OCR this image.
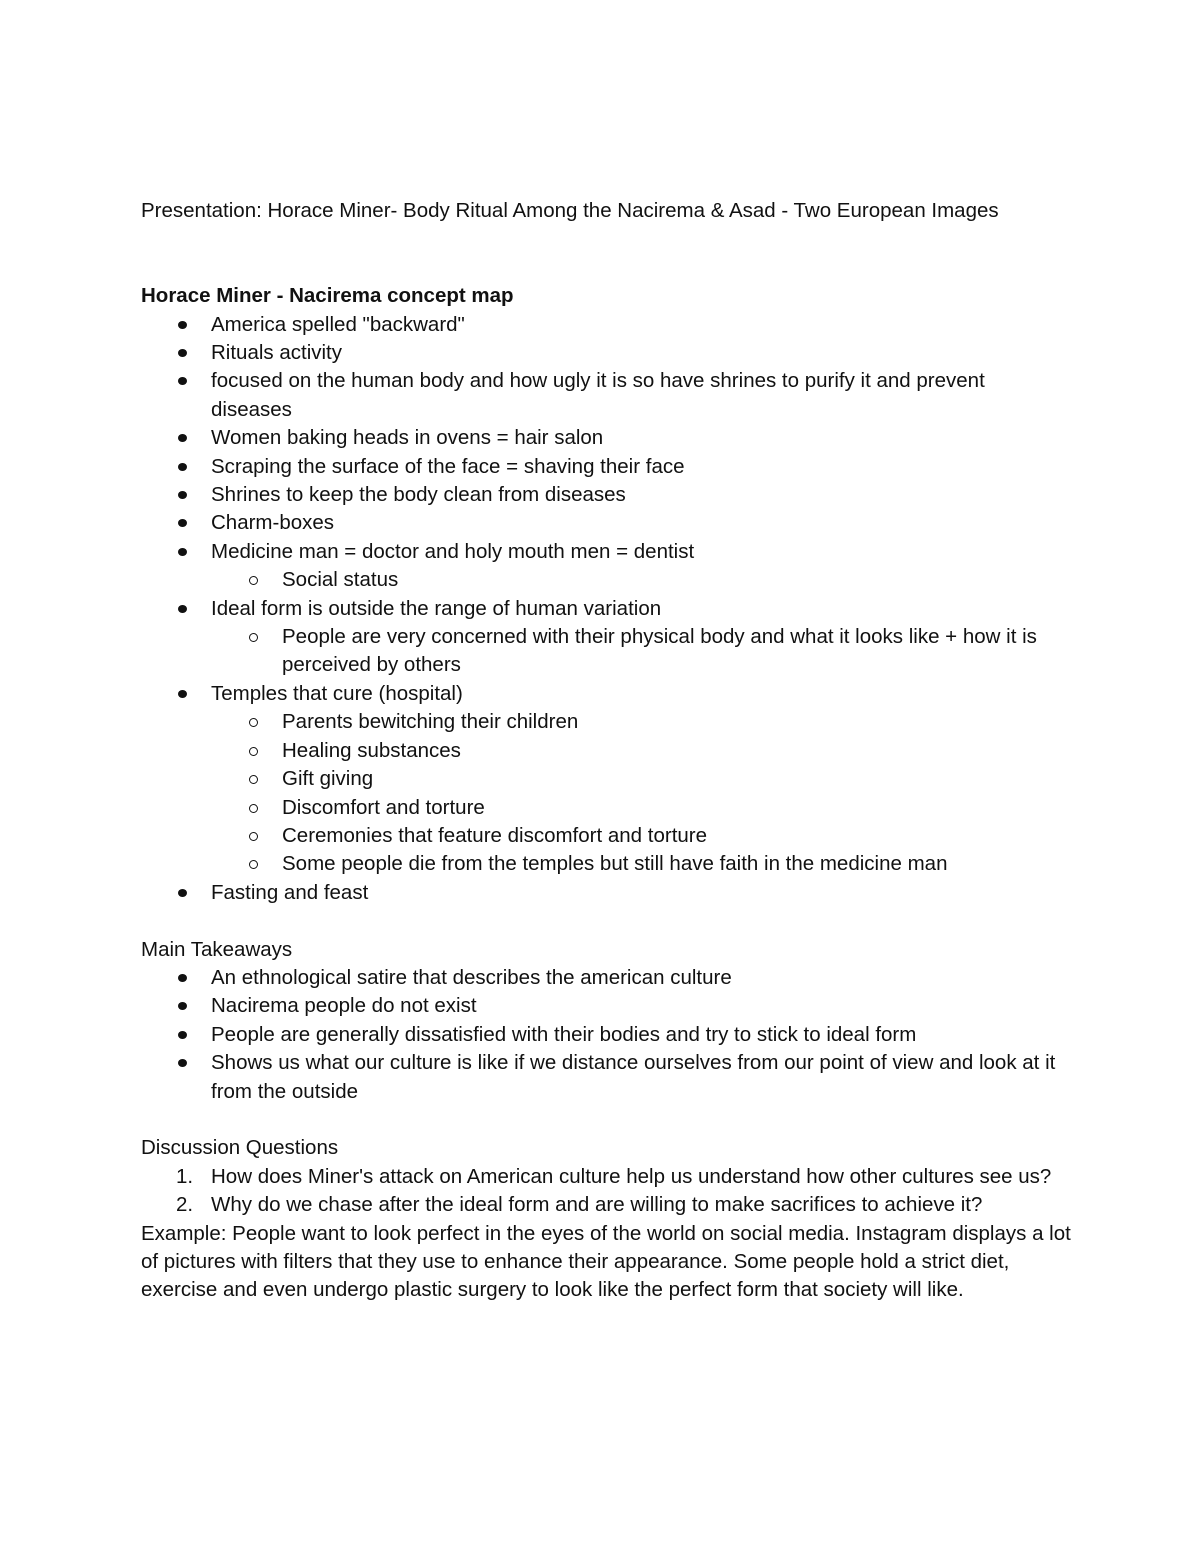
Presentation: Horace Miner- Body Ritual Among the Nacirema & Asad - Two European Images

Horace Miner - Nacirema concept map

America spelled "backward"
Rituals activity
focused on the human body and how ugly it is so have shrines to purify it and prevent diseases
Women baking heads in ovens = hair salon
Scraping the surface of the face = shaving their face
Shrines to keep the body clean from diseases
Charm-boxes
Medicine man = doctor and holy mouth men = dentist
Social status
Ideal form is outside the range of human variation
People are very concerned with their physical body and what it looks like + how it is perceived by others
Temples that cure (hospital)
Parents bewitching their children
Healing substances
Gift giving
Discomfort and torture
Ceremonies that feature discomfort and torture
Some people die from the temples but still have faith in the medicine man
Fasting and feast

Main Takeaways

An ethnological satire that describes the american culture
Nacirema people do not exist
People are generally dissatisfied with their bodies and try to stick to ideal form
Shows us what our culture is like if we distance ourselves from our point of view and look at it from the outside

Discussion Questions

1. How does Miner's attack on American culture help us understand how other cultures see us?
2. Why do we chase after the ideal form and are willing to make sacrifices to achieve it?

Example: People want to look perfect in the eyes of the world on social media. Instagram displays a lot of pictures with filters that they use to enhance their appearance. Some people hold a strict diet, exercise and even undergo plastic surgery to look like the perfect form that society will like.
